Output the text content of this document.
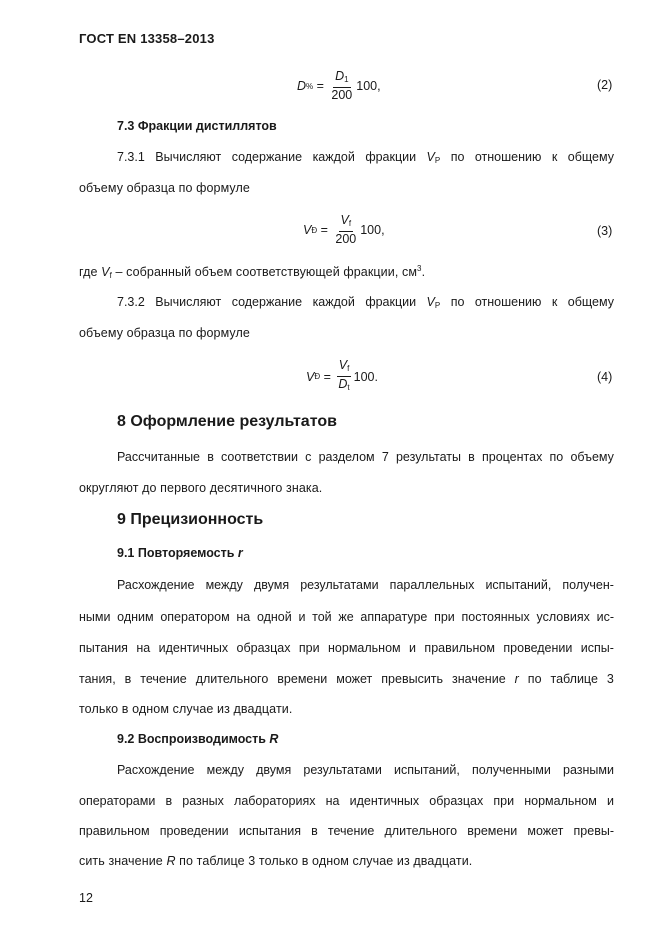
ГОСТ EN 13358–2013
D % = $\frac{D_1}{200} 100$,	(2)
7.3 Фракции дистиллятов
7.3.1 Вычисляют содержание каждой фракции $V_P$ по отношению к общему
объему образца по формуле
V Ð = $\frac{V_f}{200} 100$,	(3)
где $V_f$ – собранный объем соответствующей фракции, $см^3$.
7.3.2 Вычисляют содержание каждой фракции $V_P$ по отношению к общему
объему образца по формуле
V Ð = $\frac{V_f}{D_t} 100$.	(4)
8 Оформление результатов
Рассчитанные в соответствии с разделом 7 результаты в процентах по объему
округляют до первого десятичного знака.
9 Прецизионность
9.1 Повторяемость r
Расхождение между двумя результатами параллельных испытаний, получен-
ными одним оператором на одной и той же аппаратуре при постоянных условиях ис-
пытания на идентичных образцах при нормальном и правильном проведении испы-
тания, в течение длительного времени может превысить значение r по таблице 3
только в одном случае из двадцати.
9.2 Воспроизводимость R
Расхождение между двумя результатами испытаний, полученными разными
операторами в разных лабораториях на идентичных образцах при нормальном и
правильном проведении испытания в течение длительного времени может превы-
сить значение R по таблице 3 только в одном случае из двадцати.
12
